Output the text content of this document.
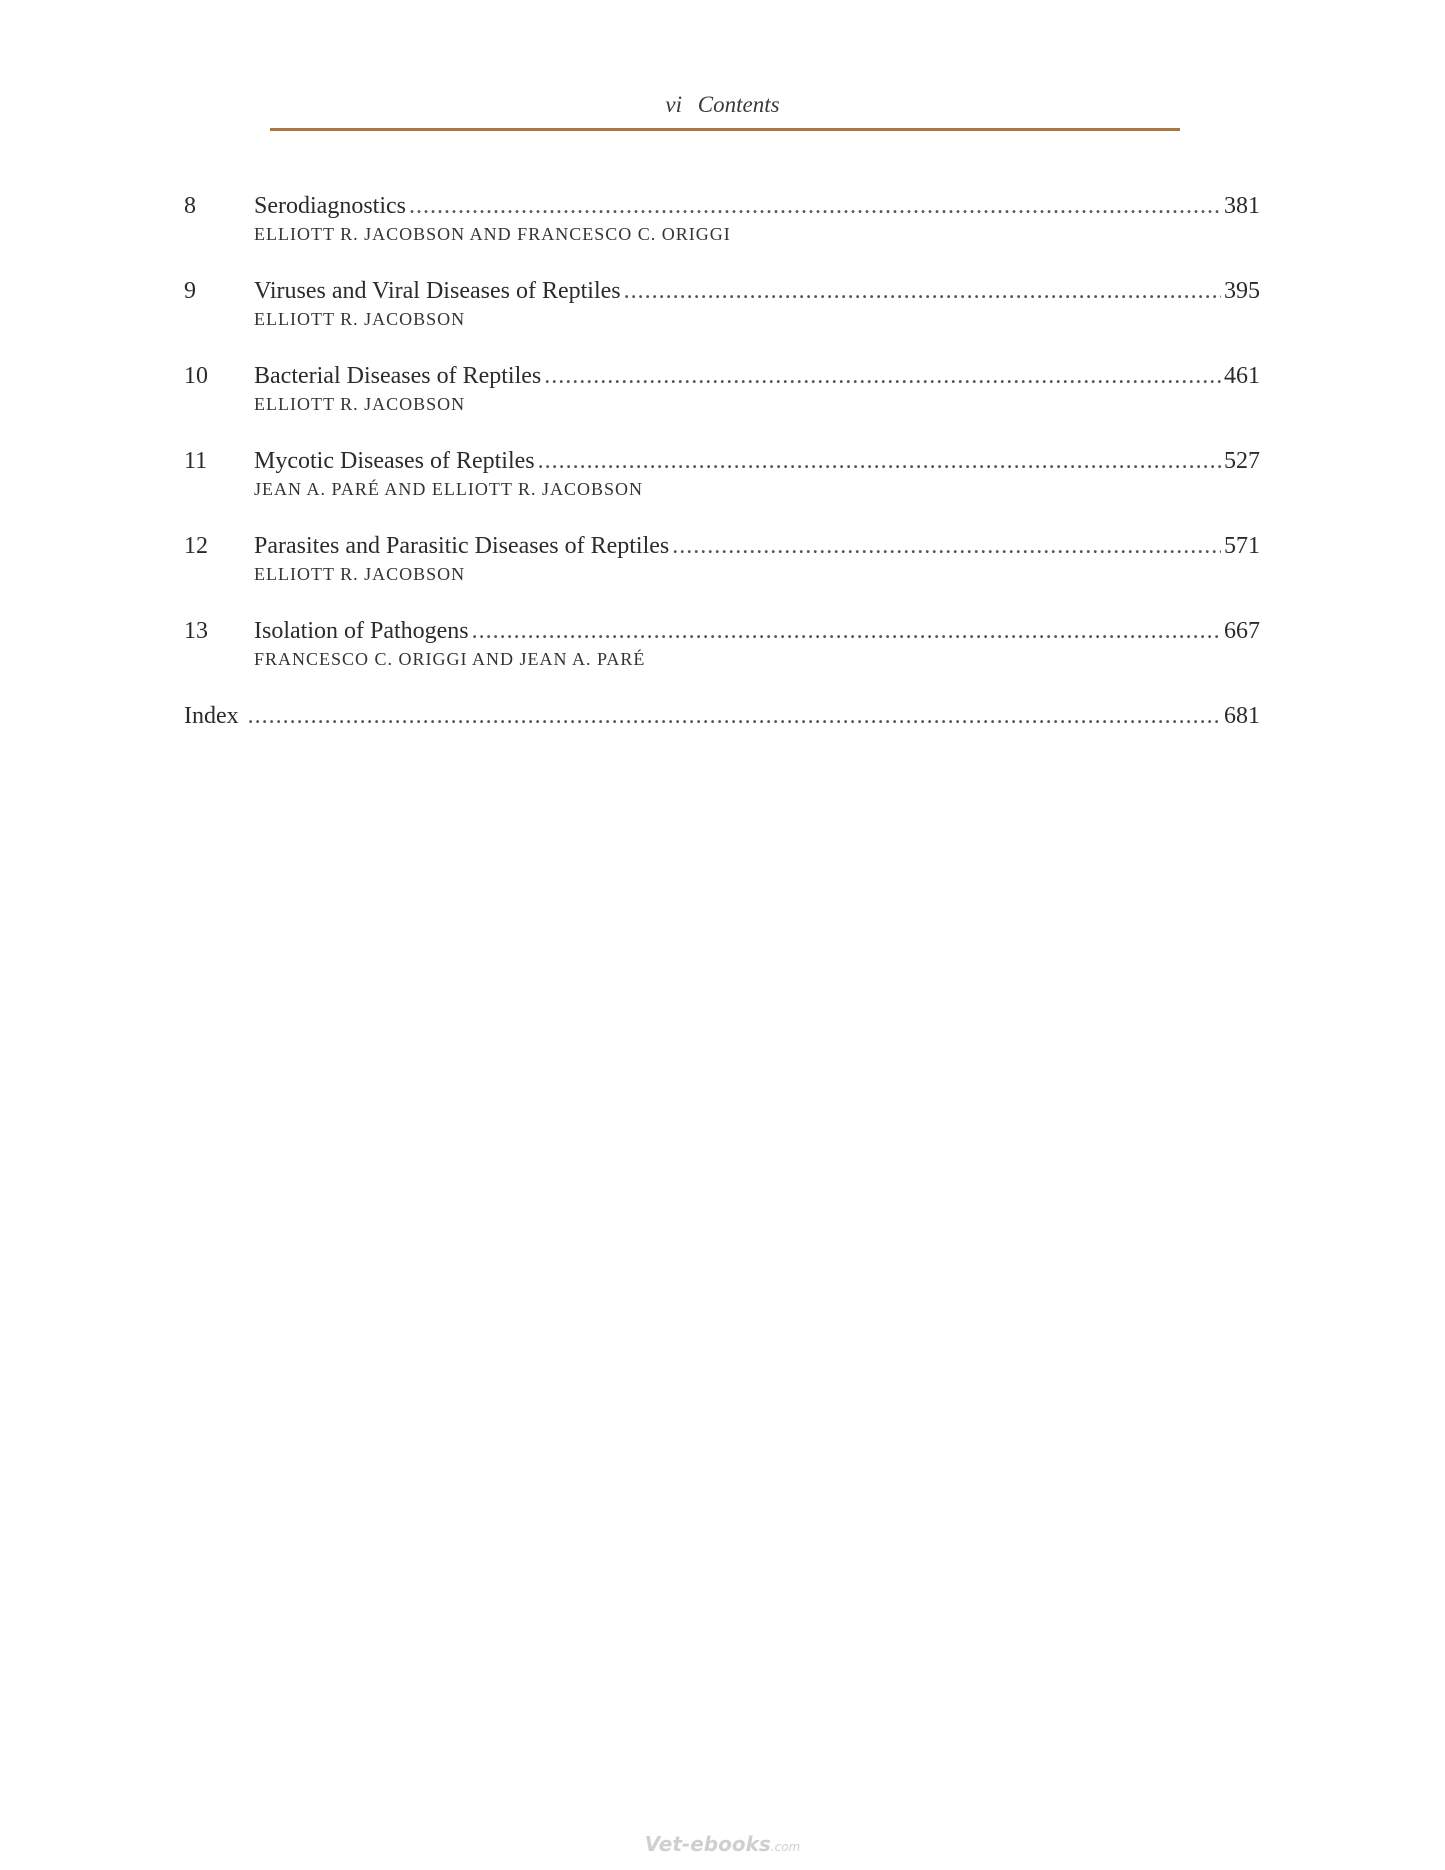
vi Contents
8	Serodiagnostics .....	381
ELLIOTT R. JACOBSON AND FRANCESCO C. ORIGGI
9	Viruses and Viral Diseases of Reptiles .....	395
ELLIOTT R. JACOBSON
10	Bacterial Diseases of Reptiles .....	461
ELLIOTT R. JACOBSON
11	Mycotic Diseases of Reptiles .....	527
JEAN A. PARÉ AND ELLIOTT R. JACOBSON
12	Parasites and Parasitic Diseases of Reptiles .....	571
ELLIOTT R. JACOBSON
13	Isolation of Pathogens .....	667
FRANCESCO C. ORIGGI AND JEAN A. PARÉ
Index .....	681
Vet-ebooks.com
